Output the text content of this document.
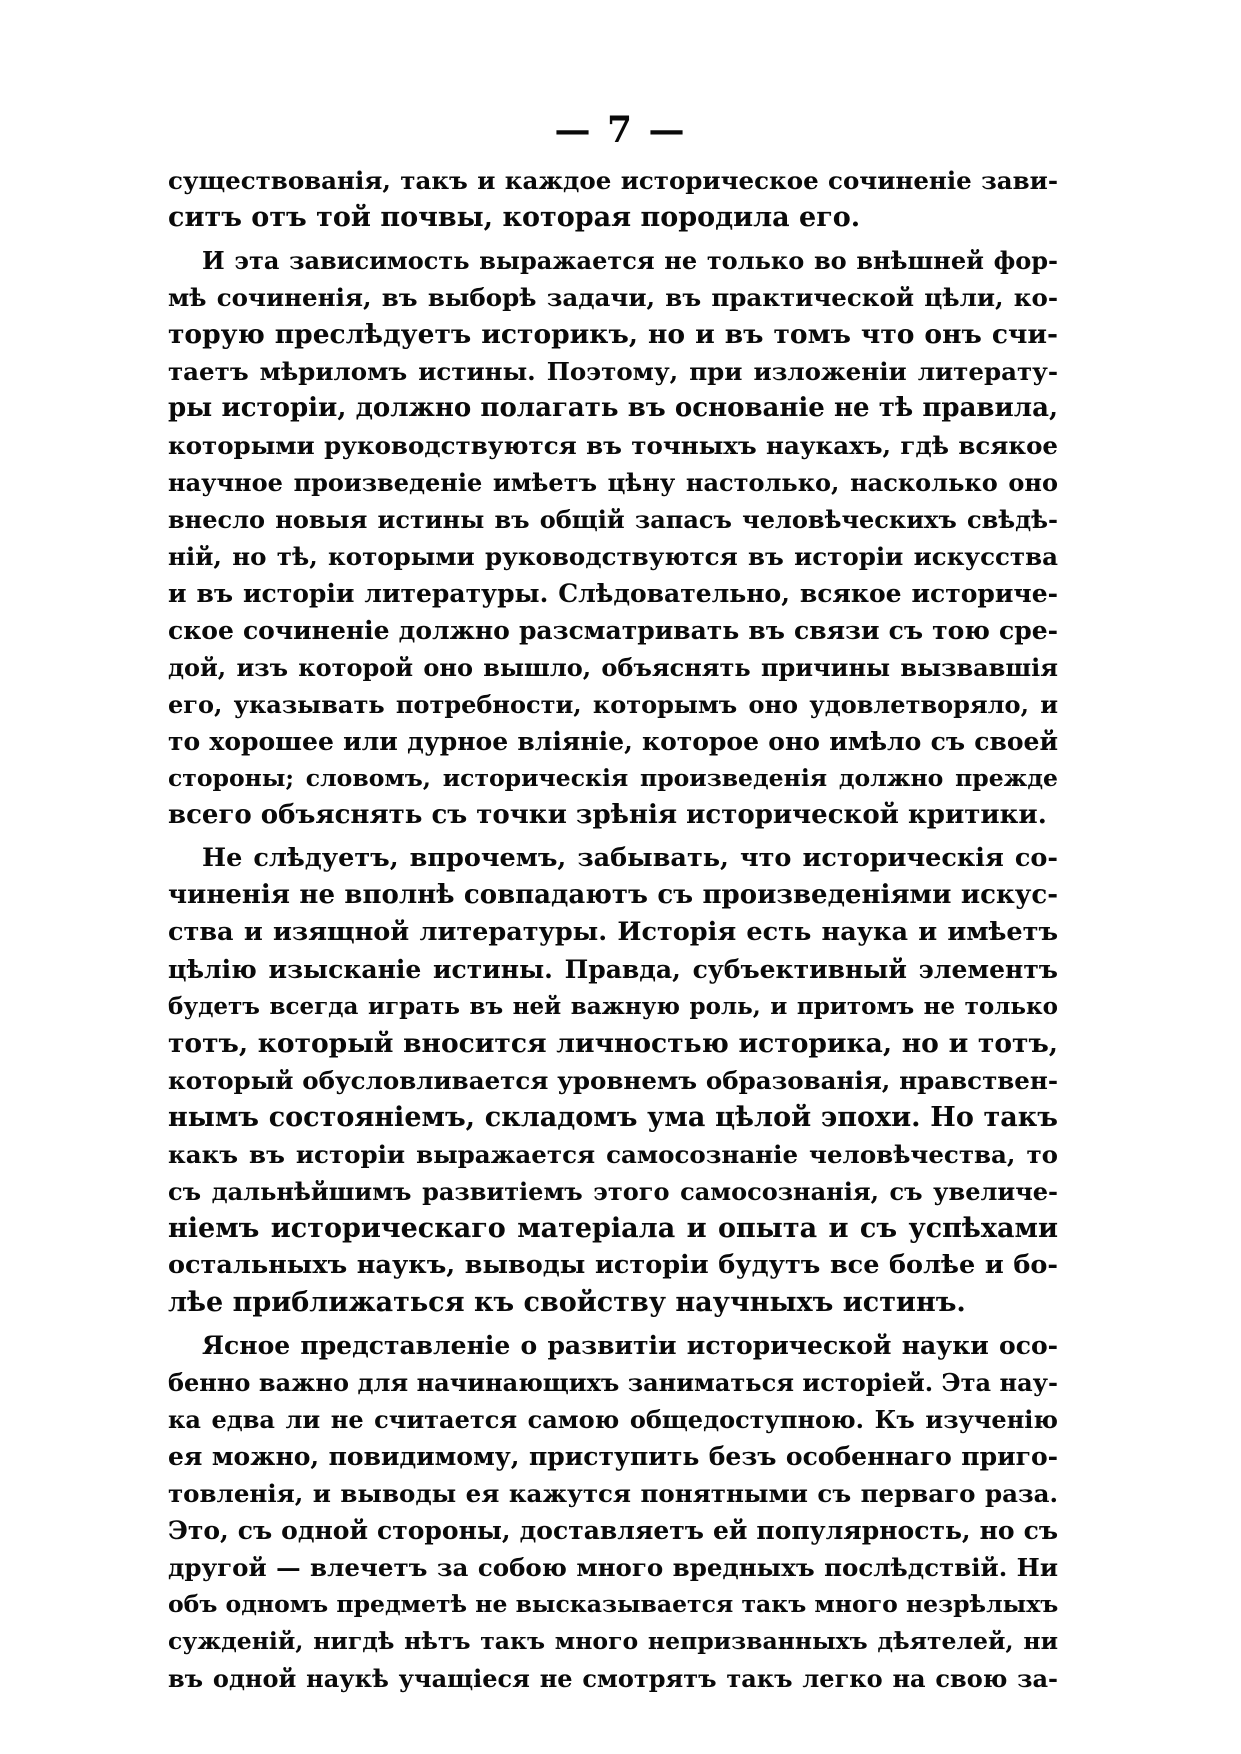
— 7 —
существованія, такъ и каждое историческое сочиненіе зави-
ситъ отъ той почвы, которая породила его.
И эта зависимость выражается не только во внѣшней фор-
мѣ сочиненія, въ выборѣ задачи, въ практической цѣли, ко-
торую преслѣдуетъ историкъ, но и въ томъ что онъ счи-
таетъ мѣриломъ истины. Поэтому, при изложеніи литерату-
ры исторіи, должно полагать въ основаніе не тѣ правила,
которыми руководствуются въ точныхъ наукахъ, гдѣ всякое
научное произведеніе имѣетъ цѣну настолько, насколько оно
внесло новыя истины въ общій запасъ человѣческихъ свѣдѣ-
ній, но тѣ, которыми руководствуются въ исторіи искусства
и въ исторіи литературы. Слѣдовательно, всякое историче-
ское сочиненіе должно разсматривать въ связи съ тою сре-
дой, изъ которой оно вышло, объяснять причины вызвавшія
его, указывать потребности, которымъ оно удовлетворяло, и
то хорошее или дурное вліяніе, которое оно имѣло съ своей
стороны; словомъ, историческія произведенія должно прежде
всего объяснять съ точки зрѣнія исторической критики.
Не слѣдуетъ, впрочемъ, забывать, что историческія со-
чиненія не вполнѣ совпадаютъ съ произведеніями искус-
ства и изящной литературы. Исторія есть наука и имѣетъ
цѣлію изысканіе истины. Правда, субъективный элементъ
будетъ всегда играть въ ней важную роль, и притомъ не только
тотъ, который вносится личностью историка, но и тотъ,
который обусловливается уровнемъ образованія, нравствен-
нымъ состояніемъ, складомъ ума цѣлой эпохи. Но такъ
какъ въ исторіи выражается самосознаніе человѣчества, то
съ дальнѣйшимъ развитіемъ этого самосознанія, съ увеличе-
ніемъ историческаго матеріала и опыта и съ успѣхами
остальныхъ наукъ, выводы исторіи будутъ все болѣе и бо-
лѣе приближаться къ свойству научныхъ истинъ.
Ясное представленіе о развитіи исторической науки осо-
бенно важно для начинающихъ заниматься исторіей. Эта нау-
ка едва ли не считается самою общедоступною. Къ изученію
ея можно, повидимому, приступить безъ особеннаго приго-
товленія, и выводы ея кажутся понятными съ перваго раза.
Это, съ одной стороны, доставляетъ ей популярность, но съ
другой — влечетъ за собою много вредныхъ послѣдствій. Ни
объ одномъ предметѣ не высказывается такъ много незрѣлыхъ
сужденій, нигдѣ нѣтъ такъ много непризванныхъ дѣятелей, ни
въ одной наукѣ учащіеся не смотрятъ такъ легко на свою за-
